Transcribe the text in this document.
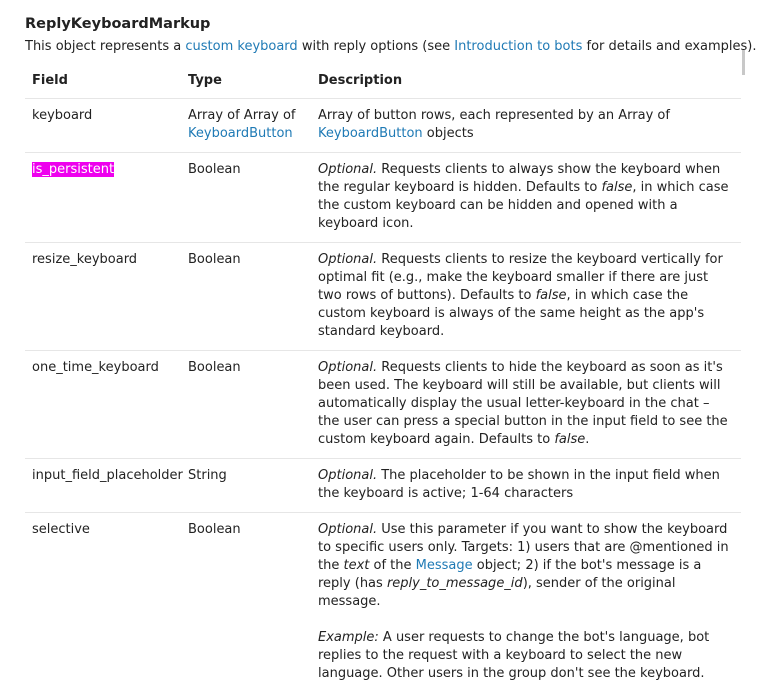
ReplyKeyboardMarkup

This object represents a custom keyboard with reply options (see Introduction to bots for details and examples).

Field	Type	Description
keyboard	Array of Array of KeyboardButton	Array of button rows, each represented by an Array of KeyboardButton objects
is_persistent	Boolean	Optional. Requests clients to always show the keyboard when the regular keyboard is hidden. Defaults to false, in which case the custom keyboard can be hidden and opened with a keyboard icon.
resize_keyboard	Boolean	Optional. Requests clients to resize the keyboard vertically for optimal fit (e.g., make the keyboard smaller if there are just two rows of buttons). Defaults to false, in which case the custom keyboard is always of the same height as the app's standard keyboard.
one_time_keyboard	Boolean	Optional. Requests clients to hide the keyboard as soon as it's been used. The keyboard will still be available, but clients will automatically display the usual letter-keyboard in the chat – the user can press a special button in the input field to see the custom keyboard again. Defaults to false.
input_field_placeholder	String	Optional. The placeholder to be shown in the input field when the keyboard is active; 1-64 characters
selective	Boolean	Optional. Use this parameter if you want to show the keyboard to specific users only. Targets: 1) users that are @mentioned in the text of the Message object; 2) if the bot's message is a reply (has reply_to_message_id), sender of the original message.
Example: A user requests to change the bot's language, bot replies to the request with a keyboard to select the new language. Other users in the group don't see the keyboard.
